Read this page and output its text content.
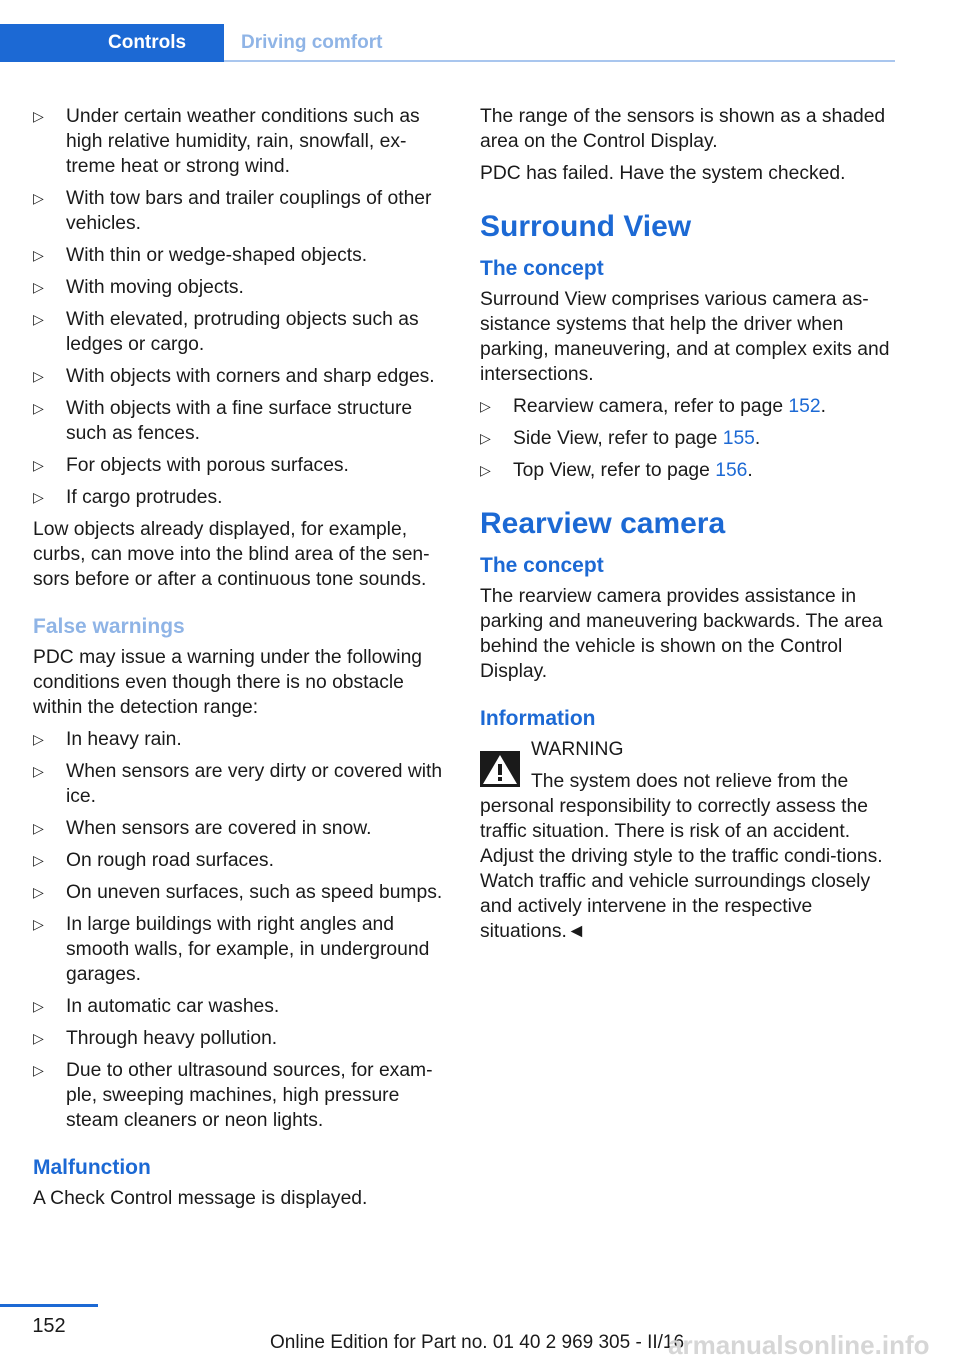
Controls	Driving comfort
▷	Under certain weather conditions such as high relative humidity, rain, snowfall, ex-treme heat or strong wind.
▷	With tow bars and trailer couplings of other vehicles.
▷	With thin or wedge-shaped objects.
▷	With moving objects.
▷	With elevated, protruding objects such as ledges or cargo.
▷	With objects with corners and sharp edges.
▷	With objects with a fine surface structure such as fences.
▷	For objects with porous surfaces.
▷	If cargo protrudes.

Low objects already displayed, for example, curbs, can move into the blind area of the sen-sors before or after a continuous tone sounds.

False warnings

PDC may issue a warning under the following conditions even though there is no obstacle within the detection range:

▷	In heavy rain.
▷	When sensors are very dirty or covered with ice.
▷	When sensors are covered in snow.
▷	On rough road surfaces.
▷	On uneven surfaces, such as speed bumps.
▷	In large buildings with right angles and smooth walls, for example, in underground garages.
▷	In automatic car washes.
▷	Through heavy pollution.
▷	Due to other ultrasound sources, for exam-ple, sweeping machines, high pressure steam cleaners or neon lights.
Malfunction

A Check Control message is displayed.

The range of the sensors is shown as a shaded area on the Control Display.

PDC has failed. Have the system checked.

Surround View
The concept

Surround View comprises various camera as-sistance systems that help the driver when parking, maneuvering, and at complex exits and intersections.

▷	Rearview camera, refer to page 152.
▷	Side View, refer to page 155.
▷	Top View, refer to page 156.
Rearview camera
The concept

The rearview camera provides assistance in parking and maneuvering backwards. The area behind the vehicle is shown on the Control Display.

Information
WARNING
The system does not relieve from the
personal responsibility to correctly assess the traffic situation. There is risk of an accident. Adjust the driving style to the traffic condi-tions. Watch traffic and vehicle surroundings closely and actively intervene in the respective situations.◄
152
Online Edition for Part no. 01 40 2 969 305 - II/16
armanualsonline.info
